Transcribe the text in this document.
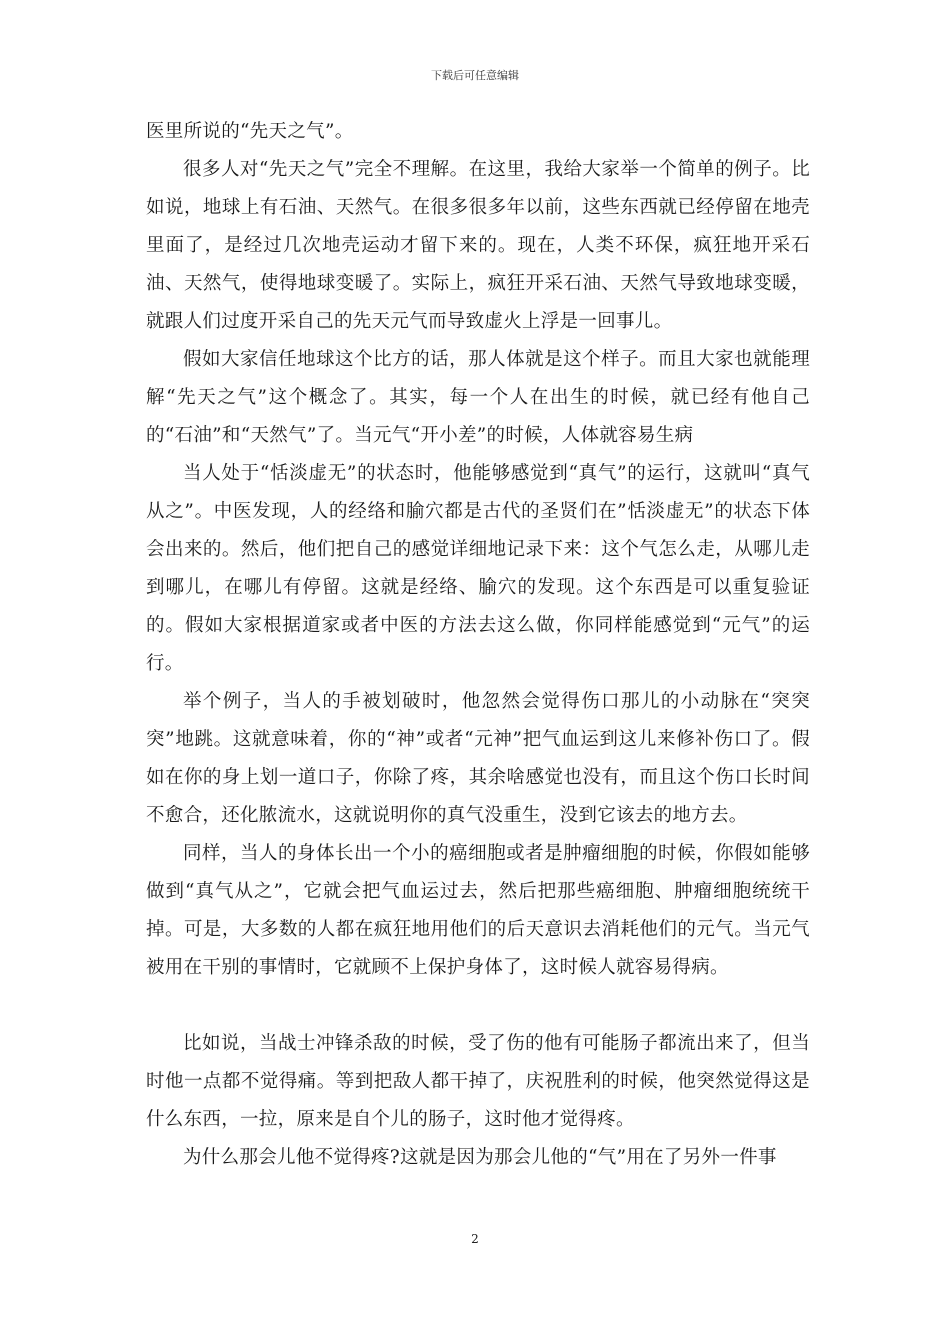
下载后可任意编辑

医里所说的“先天之气”。

很多人对“先天之气”完全不理解。在这里，我给大家举一个简单的例子。比如说，地球上有石油、天然气。在很多很多年以前，这些东西就已经停留在地壳里面了，是经过几次地壳运动才留下来的。现在，人类不环保，疯狂地开采石油、天然气，使得地球变暖了。实际上，疯狂开采石油、天然气导致地球变暖，就跟人们过度开采自己的先天元气而导致虚火上浮是一回事儿。

假如大家信任地球这个比方的话，那人体就是这个样子。而且大家也就能理解“先天之气”这个概念了。其实，每一个人在出生的时候，就已经有他自己的“石油”和“天然气”了。当元气“开小差”的时候，人体就容易生病

当人处于“恬淡虚无”的状态时，他能够感觉到“真气”的运行，这就叫“真气从之”。中医发现，人的经络和腧穴都是古代的圣贤们在”恬淡虚无”的状态下体会出来的。然后，他们把自己的感觉详细地记录下来：这个气怎么走，从哪儿走到哪儿，在哪儿有停留。这就是经络、腧穴的发现。这个东西是可以重复验证的。假如大家根据道家或者中医的方法去这么做，你同样能感觉到“元气”的运行。

举个例子，当人的手被划破时，他忽然会觉得伤口那儿的小动脉在“突突突”地跳。这就意味着，你的“神”或者“元神”把气血运到这儿来修补伤口了。假如在你的身上划一道口子，你除了疼，其余啥感觉也没有，而且这个伤口长时间不愈合，还化脓流水，这就说明你的真气没重生，没到它该去的地方去。

同样，当人的身体长出一个小的癌细胞或者是肿瘤细胞的时候，你假如能够做到“真气从之”，它就会把气血运过去，然后把那些癌细胞、肿瘤细胞统统干掉。可是，大多数的人都在疯狂地用他们的后天意识去消耗他们的元气。当元气被用在干别的事情时，它就顾不上保护身体了，这时候人就容易得病。

比如说，当战士冲锋杀敌的时候，受了伤的他有可能肠子都流出来了，但当时他一点都不觉得痛。等到把敌人都干掉了，庆祝胜利的时候，他突然觉得这是什么东西，一拉，原来是自个儿的肠子，这时他才觉得疼。

为什么那会儿他不觉得疼?这就是因为那会儿他的“气”用在了另外一件事

2
